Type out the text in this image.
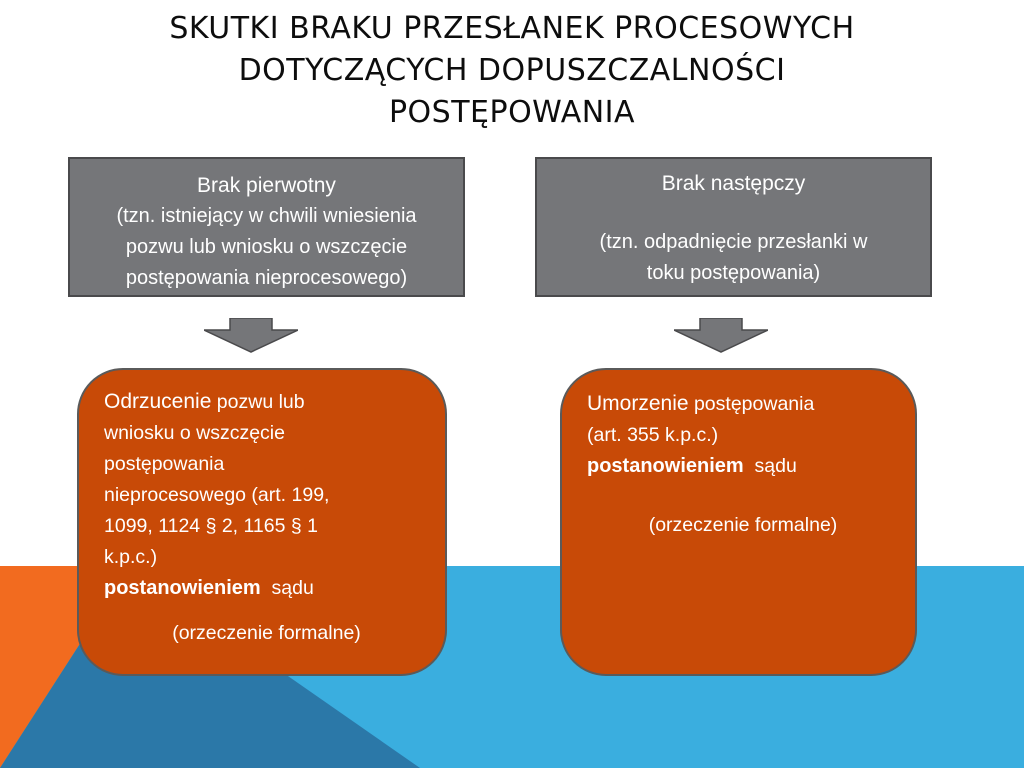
SKUTKI BRAKU PRZESŁANEK PROCESOWYCH
DOTYCZĄCYCH DOPUSZCZALNOŚCI
POSTĘPOWANIA
Brak pierwotny
(tzn. istniejący w chwili wniesienia
pozwu lub wniosku o wszczęcie
postępowania nieprocesowego)
Brak następczy
(tzn. odpadnięcie przesłanki w
toku postępowania)
Odrzucenie pozwu lub
wniosku o wszczęcie
postępowania
nieprocesowego (art. 199,
1099, 1124 § 2, 1165 § 1
k.p.c.)
postanowieniem  sądu
(orzeczenie formalne)
Umorzenie postępowania
(art. 355 k.p.c.)
postanowieniem  sądu
(orzeczenie formalne)
